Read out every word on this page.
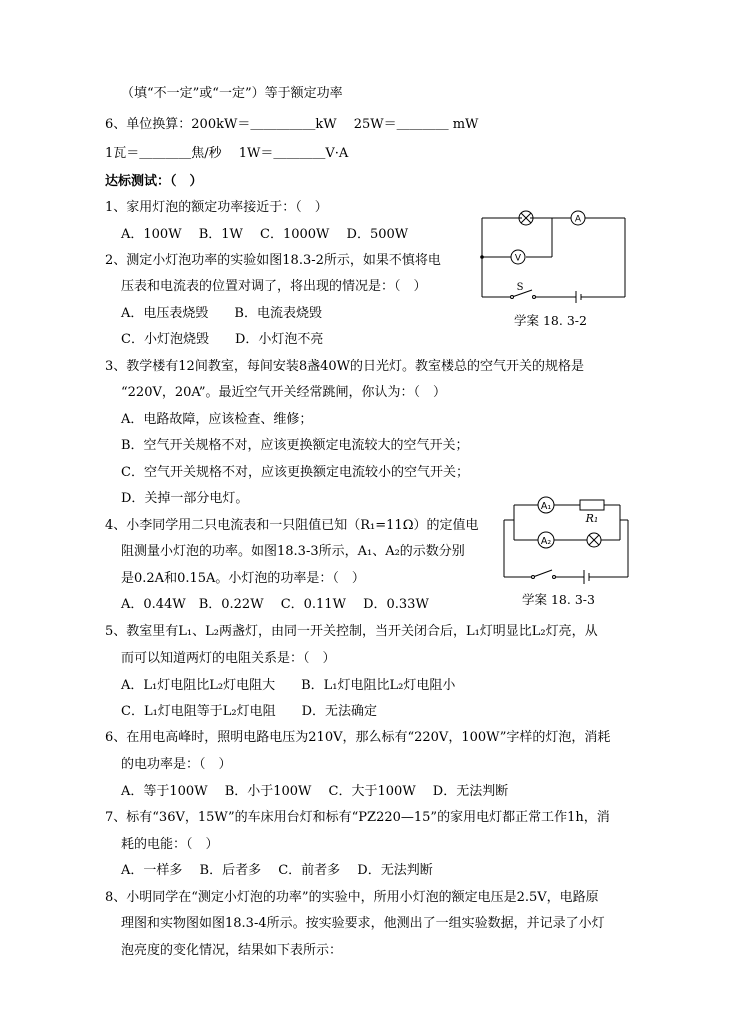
（填“不一定”或“一定”）等于额定功率
6、单位换算：200kW＝＿＿＿＿＿kW　 25W＝＿＿＿＿ mW
1瓦＝＿＿＿＿焦/秒　 1W＝＿＿＿＿V·A
达标测试：（　）
1、家用灯泡的额定功率接近于：（　）
A．100W　 B．1W　 C．1000W　 D．500W
2、测定小灯泡功率的实验如图18.3-2所示，如果不慎将电
压表和电流表的位置对调了，将出现的情况是：（　）
A．电压表烧毁　　B．电流表烧毁
C．小灯泡烧毁　　D．小灯泡不亮
3、教学楼有12间教室，每间安装8盏40W的日光灯。教室楼总的空气开关的规格是
“220V，20A”。最近空气开关经常跳闸，你认为：（　）
A．电路故障，应该检查、维修；
B．空气开关规格不对，应该更换额定电流较大的空气开关；
C．空气开关规格不对，应该更换额定电流较小的空气开关；
D．关掉一部分电灯。
4、小李同学用二只电流表和一只阻值已知（R₁=11Ω）的定值电
阻测量小灯泡的功率。如图18.3-3所示，A₁、A₂的示数分别
是0.2A和0.15A。小灯泡的功率是：（　）
A．0.44W　B．0.22W　 C．0.11W　 D．0.33W
5、教室里有L₁、L₂两盏灯，由同一开关控制，当开关闭合后，L₁灯明显比L₂灯亮，从
而可以知道两灯的电阻关系是：（　）
A．L₁灯电阻比L₂灯电阻大　　B．L₁灯电阻比L₂灯电阻小
C．L₁灯电阻等于L₂灯电阻　　D．无法确定
6、在用电高峰时，照明电路电压为210V，那么标有“220V，100W”字样的灯泡，消耗
的电功率是：（　）
A．等于100W　 B．小于100W　 C．大于100W　 D．无法判断
7、标有“36V，15W”的车床用台灯和标有“PZ220—15”的家用电灯都正常工作1h，消
耗的电能：（　）
A．一样多　 B．后者多　 C．前者多　 D．无法判断
8、小明同学在“测定小灯泡的功率”的实验中，所用小灯泡的额定电压是2.5V，电路原
理图和实物图如图18.3-4所示。按实验要求，他测出了一组实验数据，并记录了小灯
泡亮度的变化情况，结果如下表所示：
A
V
S
学案 18. 3-2
A₁
A₂
R₁
学案 18. 3-3
